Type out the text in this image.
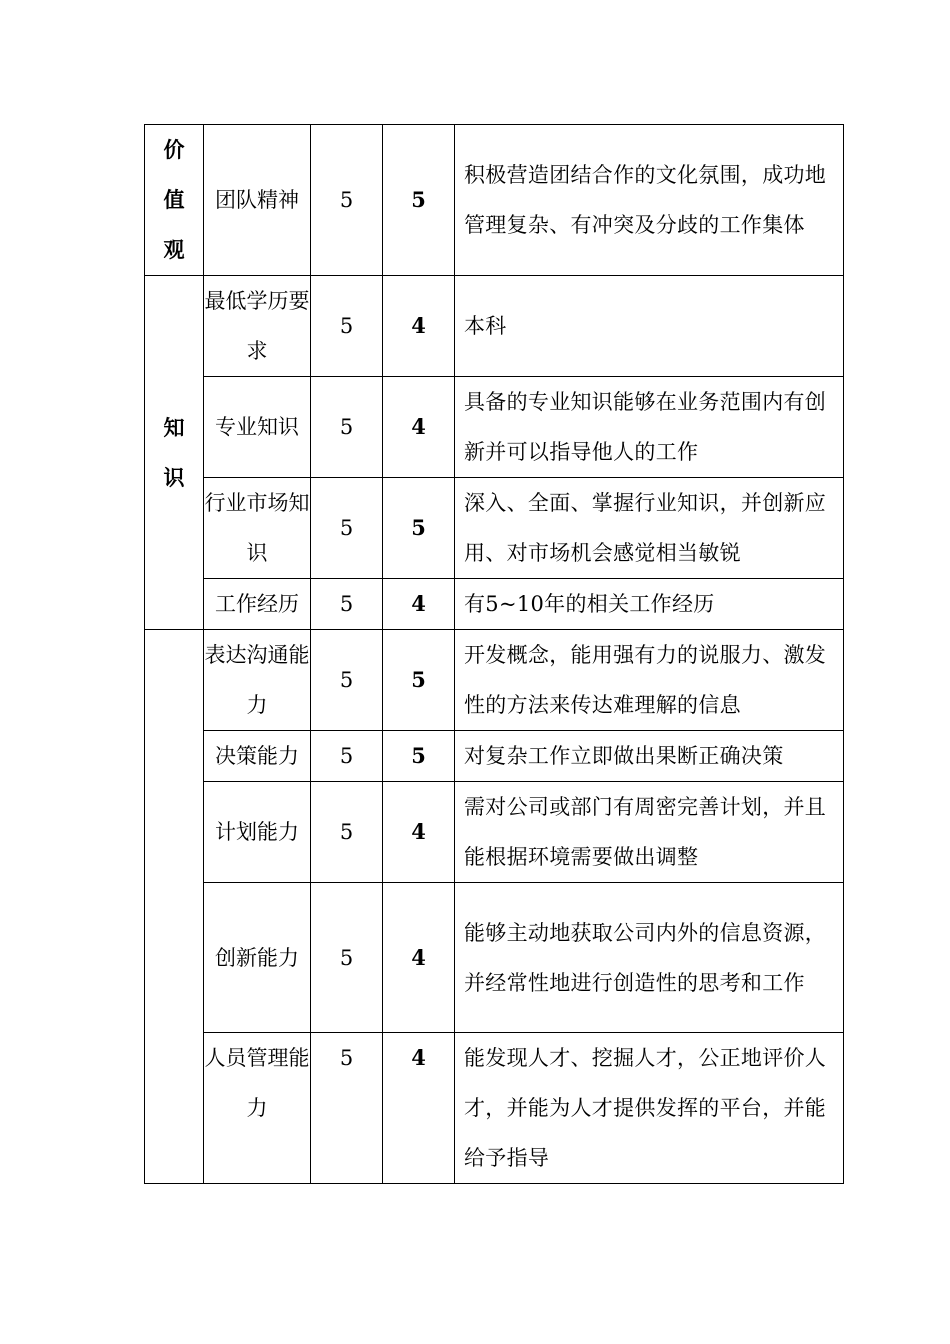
价
值
观	团队精神	5	5	积极营造团结合作的文化氛围，成功地管理复杂、有冲突及分歧的工作集体

知
识	最低学历要求	5	4	本科
	专业知识	5	4	具备的专业知识能够在业务范围内有创新并可以指导他人的工作
	行业市场知识	5	5	深入、全面、掌握行业知识，并创新应用、对市场机会感觉相当敏锐
	工作经历	5	4	有5~10年的相关工作经历
	表达沟通能力	5	5	开发概念，能用强有力的说服力、激发性的方法来传达难理解的信息
	决策能力	5	5	对复杂工作立即做出果断正确决策
	计划能力	5	4	需对公司或部门有周密完善计划，并且能根据环境需要做出调整
	创新能力	5	4	能够主动地获取公司内外的信息资源，并经常性地进行创造性的思考和工作
	人员管理能力	5	4	能发现人才、挖掘人才，公正地评价人才，并能为人才提供发挥的平台，并能给予指导
